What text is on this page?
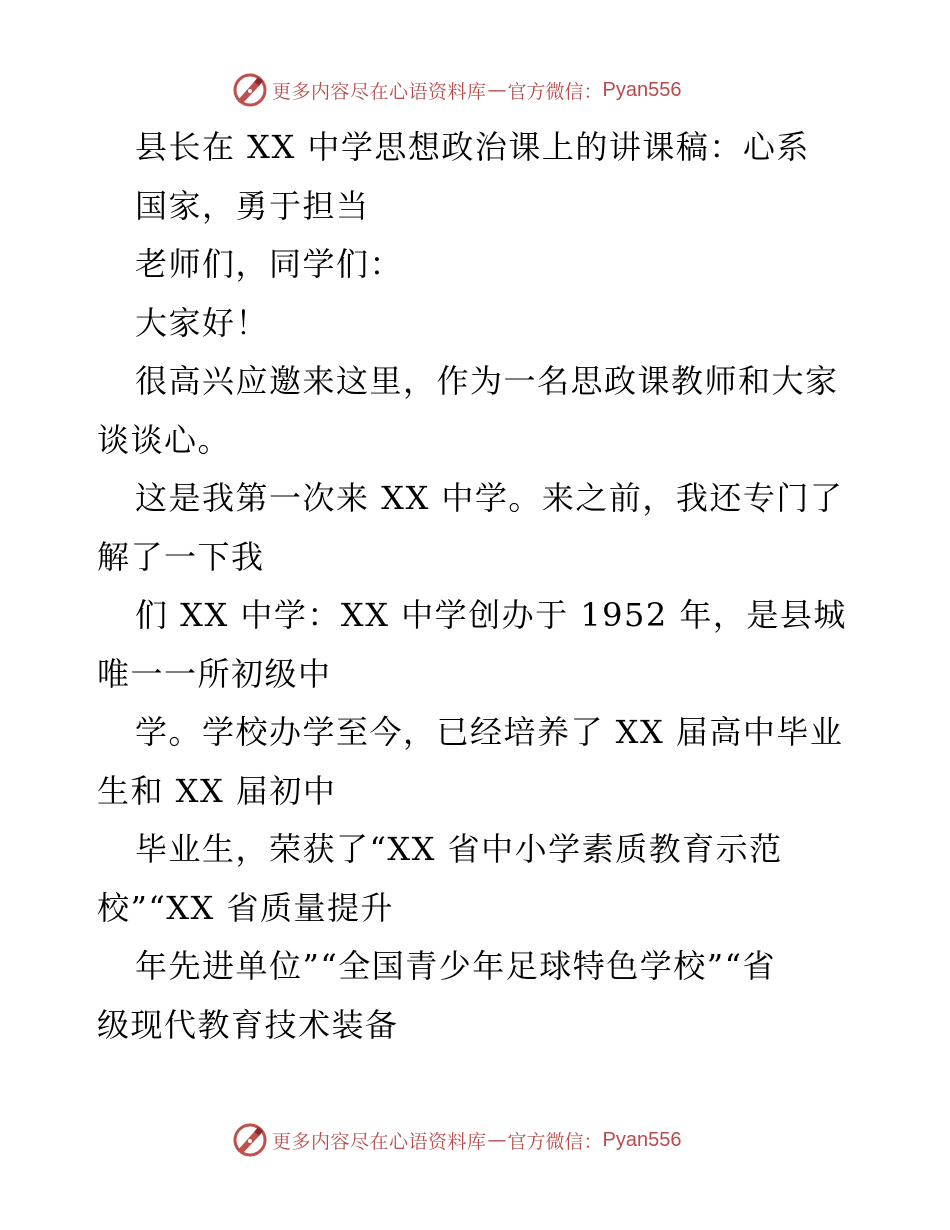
更多内容尽在心语资料库 — 官方微信： Pyan556
县长在 XX 中学思想政治课上的讲课稿：心系
国家，勇于担当
老师们，同学们：
大家好！
很高兴应邀来这里，作为一名思政课教师和大家
谈谈心。
这是我第一次来 XX 中学。来之前，我还专门了
解了一下我
们 XX 中学：XX 中学创办于 1952 年，是县城
唯一一所初级中
学。学校办学至今，已经培养了 XX 届高中毕业
生和 XX 届初中
毕业生，荣获了“XX 省中小学素质教育示范
校”“XX 省质量提升
年先进单位”“全国青少年足球特色学校”“省
级现代教育技术装备
更多内容尽在心语资料库 — 官方微信： Pyan556
